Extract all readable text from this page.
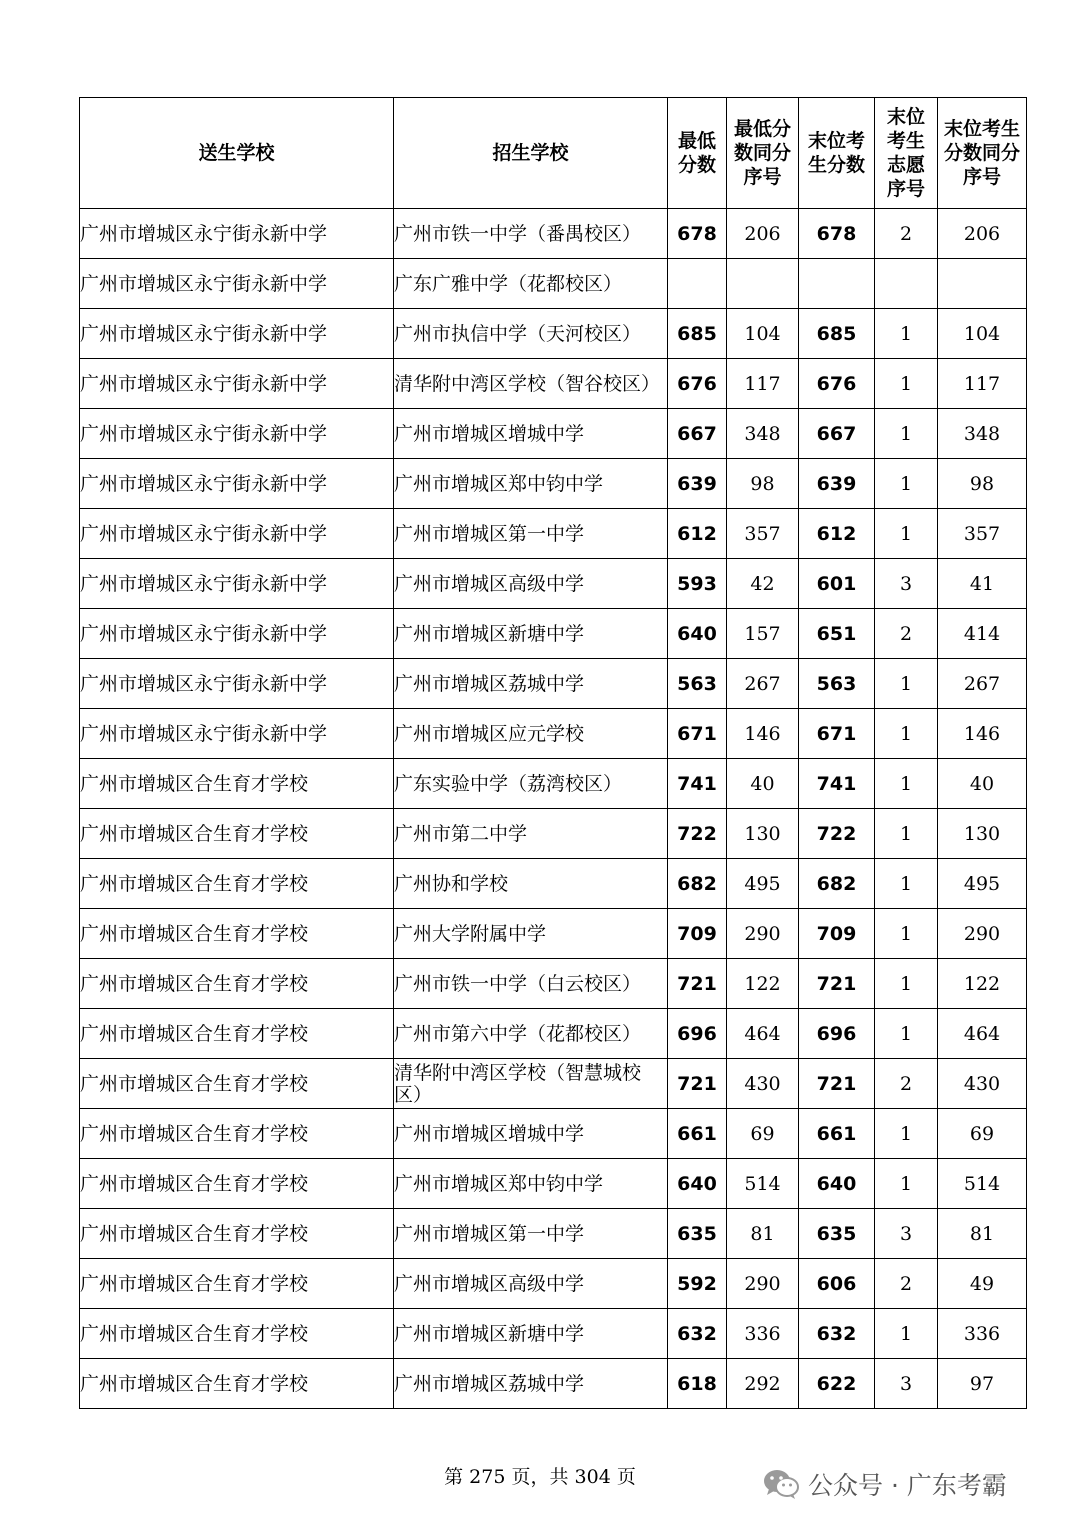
送生学校	招生学校	最低分数	最低分数同分序号	末位考生分数	末位考生志愿序号	末位考生分数同分序号
广州市增城区永宁街永新中学	广州市铁一中学（番禺校区）	678	206	678	2	206
广州市增城区永宁街永新中学	广东广雅中学（花都校区）					
广州市增城区永宁街永新中学	广州市执信中学（天河校区）	685	104	685	1	104
广州市增城区永宁街永新中学	清华附中湾区学校（智谷校区）	676	117	676	1	117
广州市增城区永宁街永新中学	广州市增城区增城中学	667	348	667	1	348
广州市增城区永宁街永新中学	广州市增城区郑中钧中学	639	98	639	1	98
广州市增城区永宁街永新中学	广州市增城区第一中学	612	357	612	1	357
广州市增城区永宁街永新中学	广州市增城区高级中学	593	42	601	3	41
广州市增城区永宁街永新中学	广州市增城区新塘中学	640	157	651	2	414
广州市增城区永宁街永新中学	广州市增城区荔城中学	563	267	563	1	267
广州市增城区永宁街永新中学	广州市增城区应元学校	671	146	671	1	146
广州市增城区合生育才学校	广东实验中学（荔湾校区）	741	40	741	1	40
广州市增城区合生育才学校	广州市第二中学	722	130	722	1	130
广州市增城区合生育才学校	广州协和学校	682	495	682	1	495
广州市增城区合生育才学校	广州大学附属中学	709	290	709	1	290
广州市增城区合生育才学校	广州市铁一中学（白云校区）	721	122	721	1	122
广州市增城区合生育才学校	广州市第六中学（花都校区）	696	464	696	1	464
广州市增城区合生育才学校	清华附中湾区学校（智慧城校区）	721	430	721	2	430
广州市增城区合生育才学校	广州市增城区增城中学	661	69	661	1	69
广州市增城区合生育才学校	广州市增城区郑中钧中学	640	514	640	1	514
广州市增城区合生育才学校	广州市增城区第一中学	635	81	635	3	81
广州市增城区合生育才学校	广州市增城区高级中学	592	290	606	2	49
广州市增城区合生育才学校	广州市增城区新塘中学	632	336	632	1	336
广州市增城区合生育才学校	广州市增城区荔城中学	618	292	622	3	97
第 275 页，共 304 页	公众号 · 广东考霸
